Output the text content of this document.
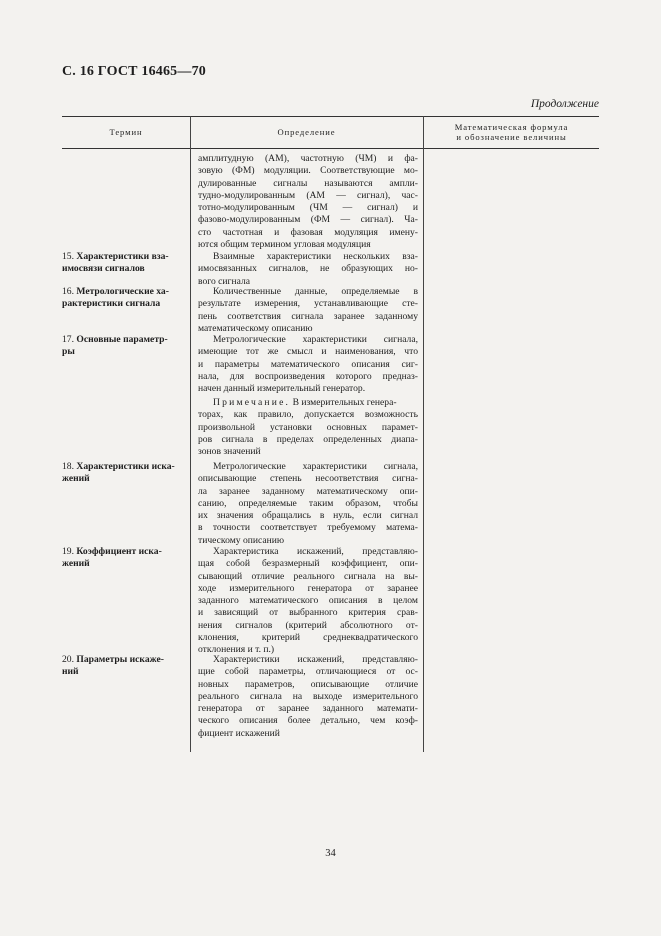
С. 16 ГОСТ 16465—70
Продолжение
Термин	Определение	Математическая формула
и обозначение величины
амплитудную (АМ), частотную (ЧМ) и фа-
зовую (ФМ) модуляции. Соответствующие мо-
дулированные сигналы называются ампли-
тудно-модулированным (АМ — сигнал), час-
тотно-модулированным (ЧМ — сигнал) и
фазово-модулированным (ФМ — сигнал). Ча-
сто частотная и фазовая модуляция имену-
ются общим термином угловая модуляция
15. Характеристики вза-
имосвязи сигналов
Взаимные характеристики нескольких вза-
имосвязанных сигналов, не образующих но-
вого сигнала
16. Метрологические ха-
рактеристики сигнала
Количественные данные, определяемые в
результате измерения, устанавливающие сте-
пень соответствия сигнала заранее заданному
математическому описанию
17. Основные параметр-
ры
Метрологические характеристики сигнала,
имеющие тот же смысл и наименования, что
и параметры математического описания сиг-
нала, для воспроизведения которого предназ-
начен данный измерительный генератор.
Примечание. В измерительных генера-
торах, как правило, допускается возможность
произвольной установки основных парамет-
ров сигнала в пределах определенных диапа-
зонов значений
18. Характеристики иска-
жений
Метрологические характеристики сигнала,
описывающие степень несоответствия сигна-
ла заранее заданному математическому опи-
санию, определяемые таким образом, чтобы
их значения обращались в нуль, если сигнал
в точности соответствует требуемому матема-
тическому описанию
19. Коэффициент иска-
жений
Характеристика искажений, представляю-
щая собой безразмерный коэффициент, опи-
сывающий отличие реального сигнала на вы-
ходе измерительного генератора от заранее
заданного математического описания в целом
и зависящий от выбранного критерия срав-
нения сигналов (критерий абсолютного от-
клонения, критерий среднеквадратического
отклонения и т. п.)
20. Параметры искаже-
ний
Характеристики искажений, представляю-
щие собой параметры, отличающиеся от ос-
новных параметров, описывающие отличие
реального сигнала на выходе измерительного
генератора от заранее заданного математи-
ческого описания более детально, чем коэф-
фициент искажений
34
